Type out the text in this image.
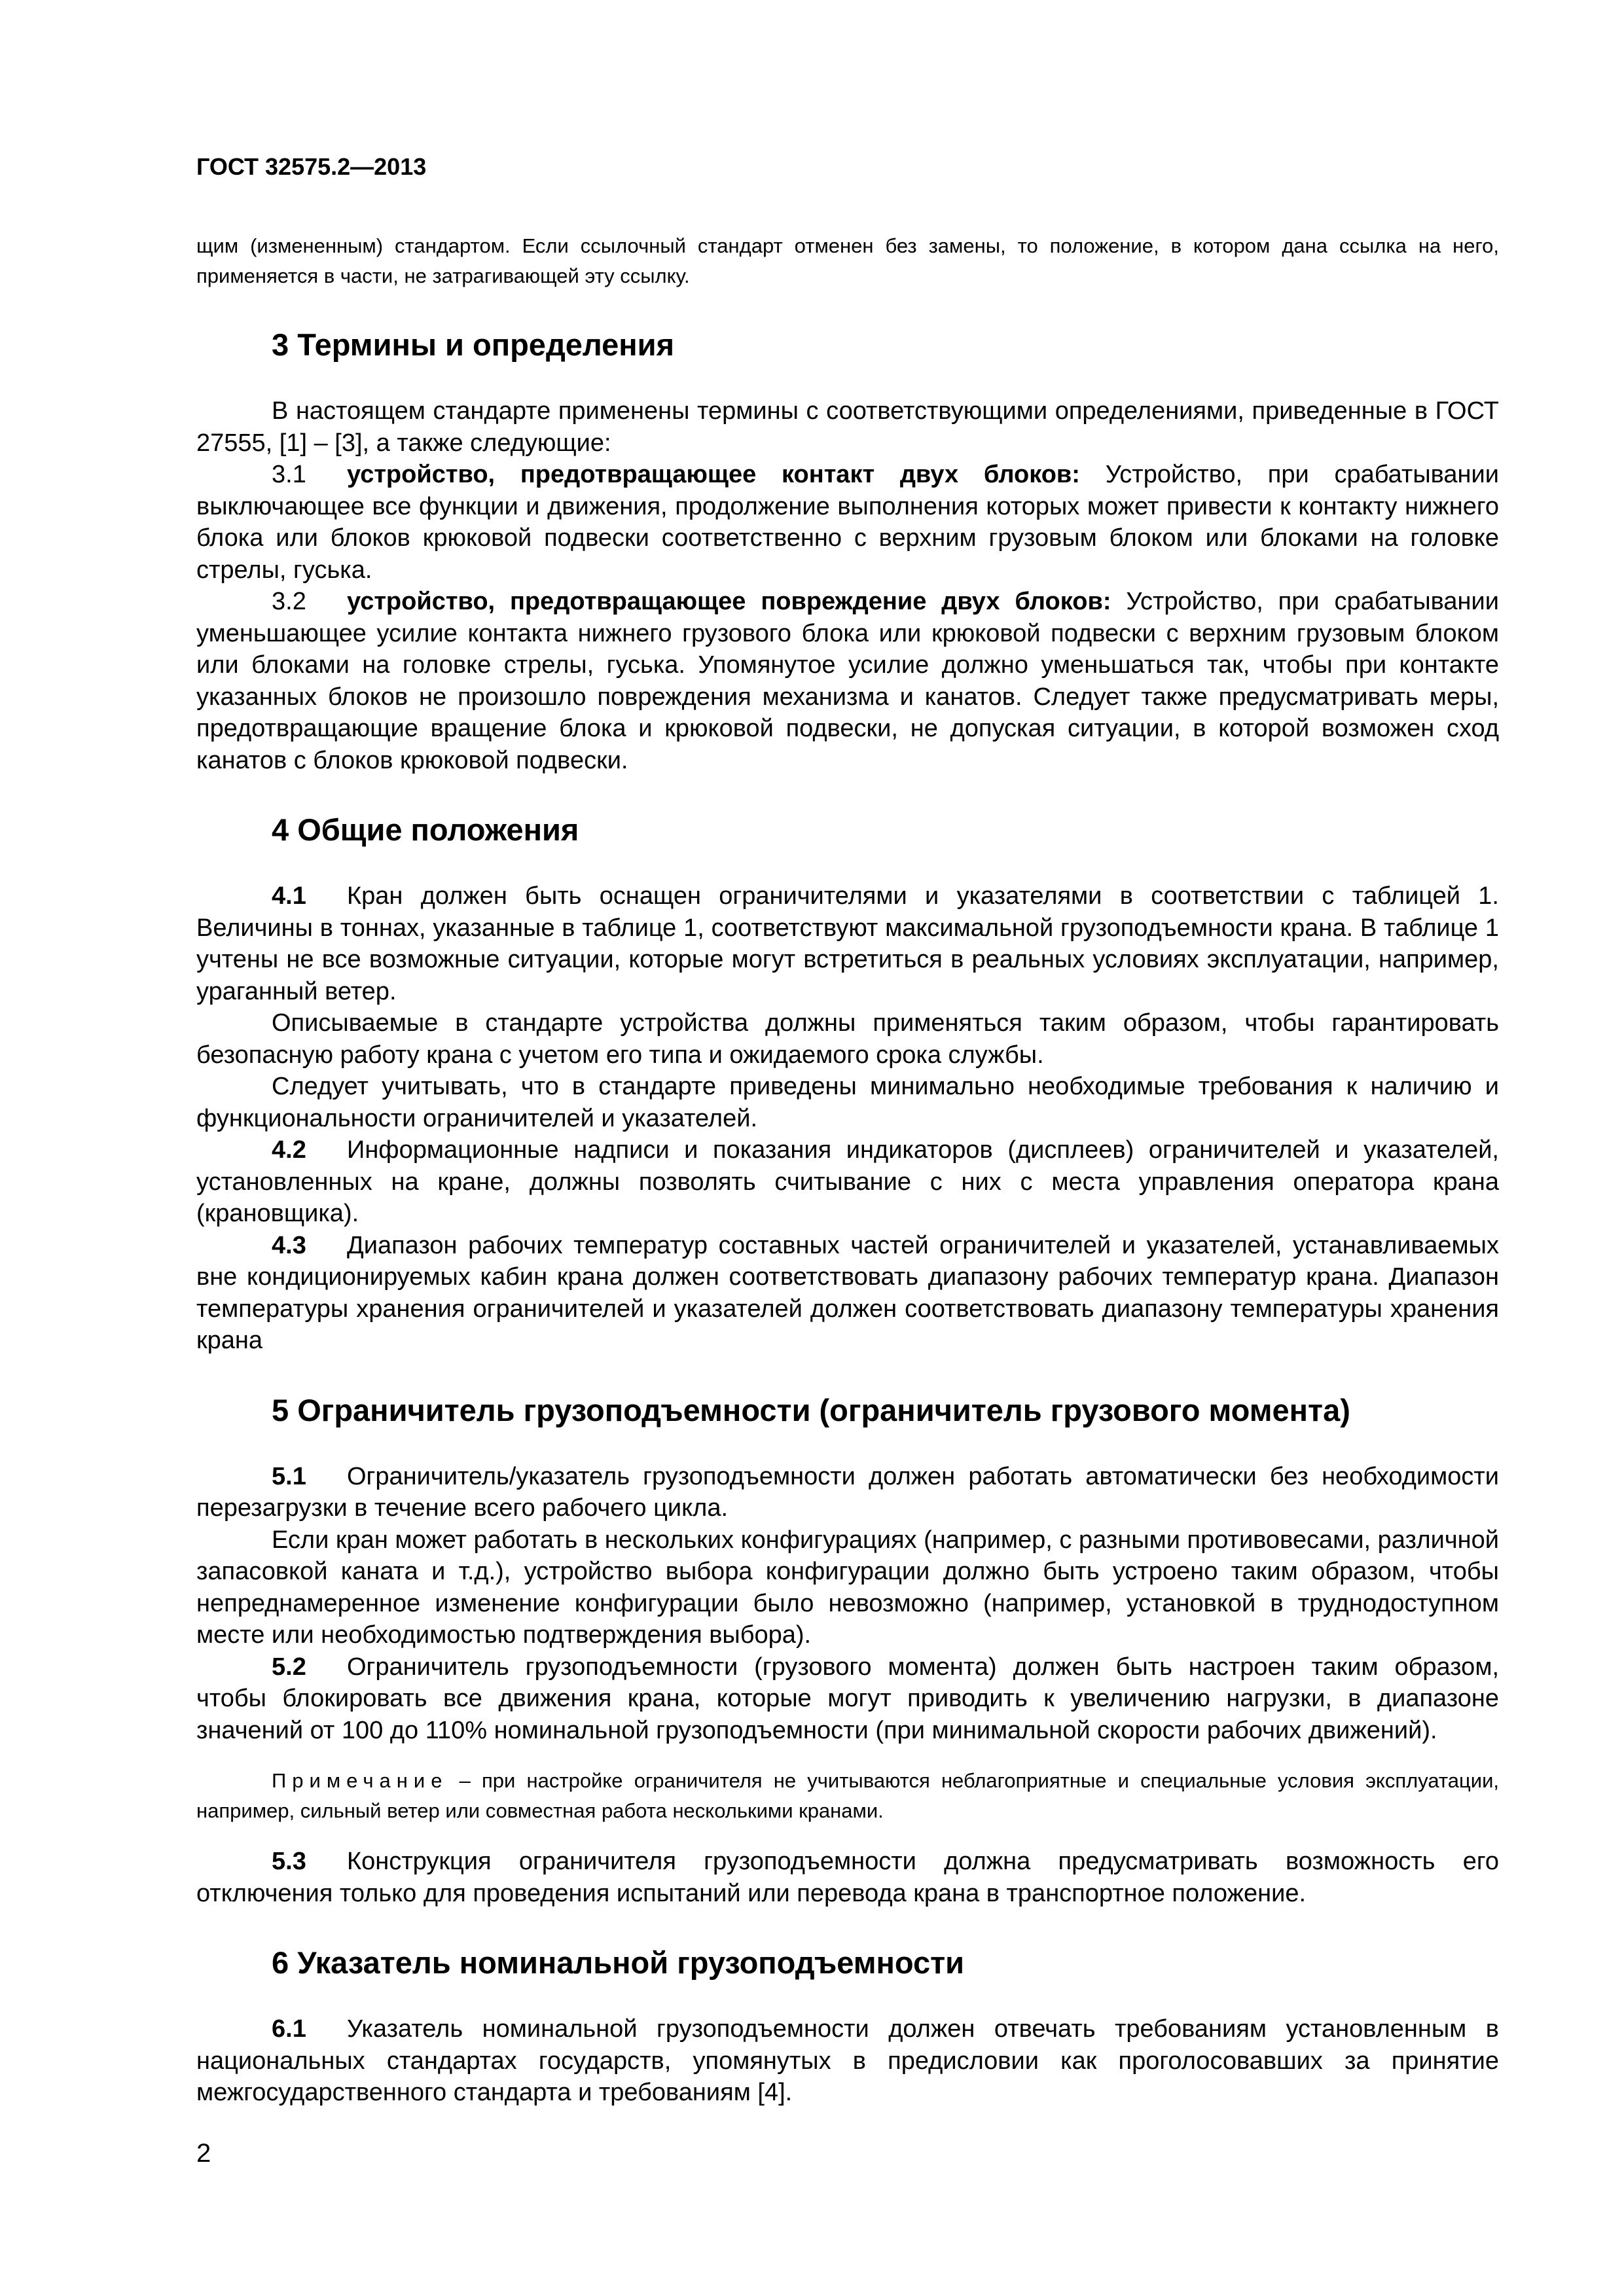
ГОСТ 32575.2—2013

щим (измененным) стандартом. Если ссылочный стандарт отменен без замены, то положение, в котором дана ссылка на него, применяется в части, не затрагивающей эту ссылку.

3 Термины и определения

В настоящем стандарте применены термины с соответствующими определениями, приведенные в ГОСТ 27555, [1] – [3], а также следующие:

3.1 устройство, предотвращающее контакт двух блоков: Устройство, при срабатывании выключающее все функции и движения, продолжение выполнения которых может привести к контакту нижнего блока или блоков крюковой подвески соответственно с верхним грузовым блоком или блоками на головке стрелы, гуська.

3.2 устройство, предотвращающее повреждение двух блоков: Устройство, при срабатывании уменьшающее усилие контакта нижнего грузового блока или крюковой подвески с верхним грузовым блоком или блоками на головке стрелы, гуська. Упомянутое усилие должно уменьшаться так, чтобы при контакте указанных блоков не произошло повреждения механизма и канатов. Следует также предусматривать меры, предотвращающие вращение блока и крюковой подвески, не допуская ситуации, в которой возможен сход канатов с блоков крюковой подвески.

4 Общие положения

4.1 Кран должен быть оснащен ограничителями и указателями в соответствии с таблицей 1. Величины в тоннах, указанные в таблице 1, соответствуют максимальной грузоподъемности крана. В таблице 1 учтены не все возможные ситуации, которые могут встретиться в реальных условиях эксплуатации, например, ураганный ветер.

Описываемые в стандарте устройства должны применяться таким образом, чтобы гарантировать безопасную работу крана с учетом его типа и ожидаемого срока службы.

Следует учитывать, что в стандарте приведены минимально необходимые требования к наличию и функциональности ограничителей и указателей.

4.2 Информационные надписи и показания индикаторов (дисплеев) ограничителей и указателей, установленных на кране, должны позволять считывание с них с места управления оператора крана (крановщика).

4.3 Диапазон рабочих температур составных частей ограничителей и указателей, устанавливаемых вне кондиционируемых кабин крана должен соответствовать диапазону рабочих температур крана. Диапазон температуры хранения ограничителей и указателей должен соответствовать диапазону температуры хранения крана

5 Ограничитель грузоподъемности (ограничитель грузового момента)

5.1 Ограничитель/указатель грузоподъемности должен работать автоматически без необходимости перезагрузки в течение всего рабочего цикла.

Если кран может работать в нескольких конфигурациях (например, с разными противовесами, различной запасовкой каната и т.д.), устройство выбора конфигурации должно быть устроено таким образом, чтобы непреднамеренное изменение конфигурации было невозможно (например, установкой в труднодоступном месте или необходимостью подтверждения выбора).

5.2 Ограничитель грузоподъемности (грузового момента) должен быть настроен таким образом, чтобы блокировать все движения крана, которые могут приводить к увеличению нагрузки, в диапазоне значений от 100 до 110% номинальной грузоподъемности (при минимальной скорости рабочих движений).

Примечание – при настройке ограничителя не учитываются неблагоприятные и специальные условия эксплуатации, например, сильный ветер или совместная работа несколькими кранами.

5.3 Конструкция ограничителя грузоподъемности должна предусматривать возможность его отключения только для проведения испытаний или перевода крана в транспортное положение.

6 Указатель номинальной грузоподъемности

6.1 Указатель номинальной грузоподъемности должен отвечать требованиям установленным в национальных стандартах государств, упомянутых в предисловии как проголосовавших за принятие межгосударственного стандарта и требованиям [4].

2
